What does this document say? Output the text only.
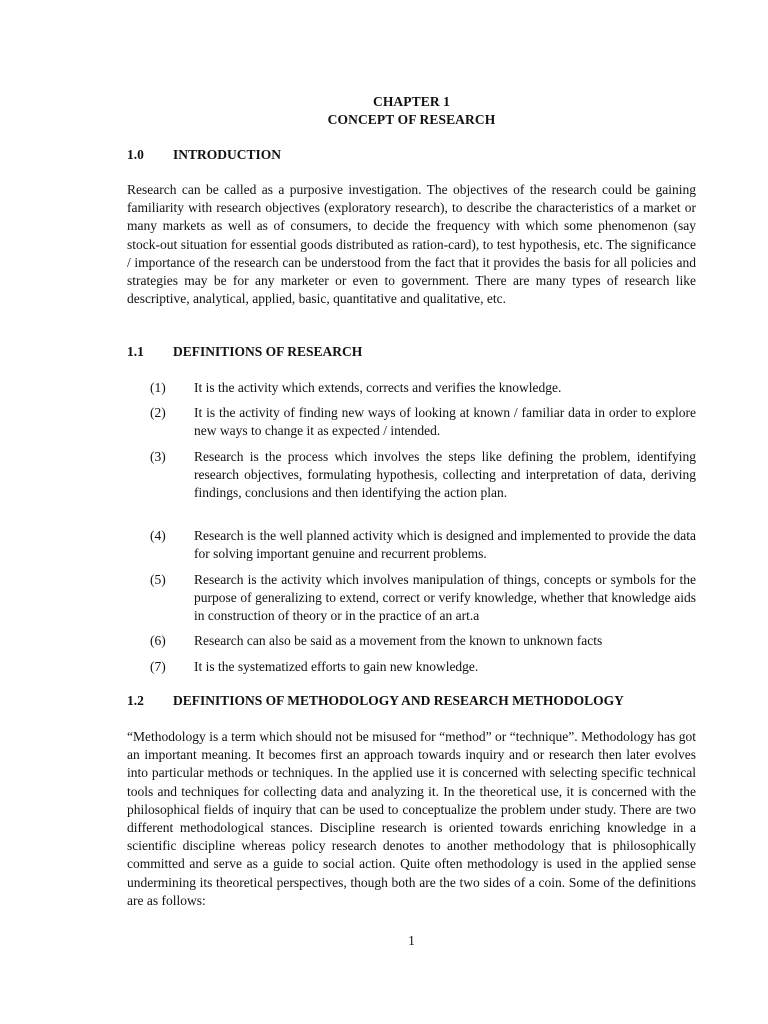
CHAPTER 1
CONCEPT OF RESEARCH
1.0 INTRODUCTION

Research can be called as a purposive investigation. The objectives of the research could be gaining familiarity with research objectives (exploratory research), to describe the characteristics of a market or many markets as well as of consumers, to decide the frequency with which some phenomenon (say stock-out situation for essential goods distributed as ration-card), to test hypothesis, etc. The significance / importance of the research can be understood from the fact that it provides the basis for all policies and strategies may be for any marketer or even to government. There are many types of research like descriptive, analytical, applied, basic, quantitative and qualitative, etc.

1.1 DEFINITIONS OF RESEARCH
(1) It is the activity which extends, corrects and verifies the knowledge.

(2) It is the activity of finding new ways of looking at known / familiar data in order to explore new ways to change it as expected / intended.

(3) Research is the process which involves the steps like defining the problem, identifying research objectives, formulating hypothesis, collecting and interpretation of data, deriving findings, conclusions and then identifying the action plan.

(4) Research is the well planned activity which is designed and implemented to provide the data for solving important genuine and recurrent problems.

(5) Research is the activity which involves manipulation of things, concepts or symbols for the purpose of generalizing to extend, correct or verify knowledge, whether that knowledge aids in construction of theory or in the practice of an art.a

(6) Research can also be said as a movement from the known to unknown facts

(7) It is the systematized efforts to gain new knowledge.

1.2 DEFINITIONS OF METHODOLOGY AND RESEARCH METHODOLOGY

“Methodology is a term which should not be misused for “method” or “technique”. Methodology has got an important meaning. It becomes first an approach towards inquiry and or research then later evolves into particular methods or techniques. In the applied use it is concerned with selecting specific technical tools and techniques for collecting data and analyzing it. In the theoretical use, it is concerned with the philosophical fields of inquiry that can be used to conceptualize the problem under study. There are two different methodological stances. Discipline research is oriented towards enriching knowledge in a scientific discipline whereas policy research denotes to another methodology that is philosophically committed and serve as a guide to social action. Quite often methodology is used in the applied sense undermining its theoretical perspectives, though both are the two sides of a coin. Some of the definitions are as follows:

1
